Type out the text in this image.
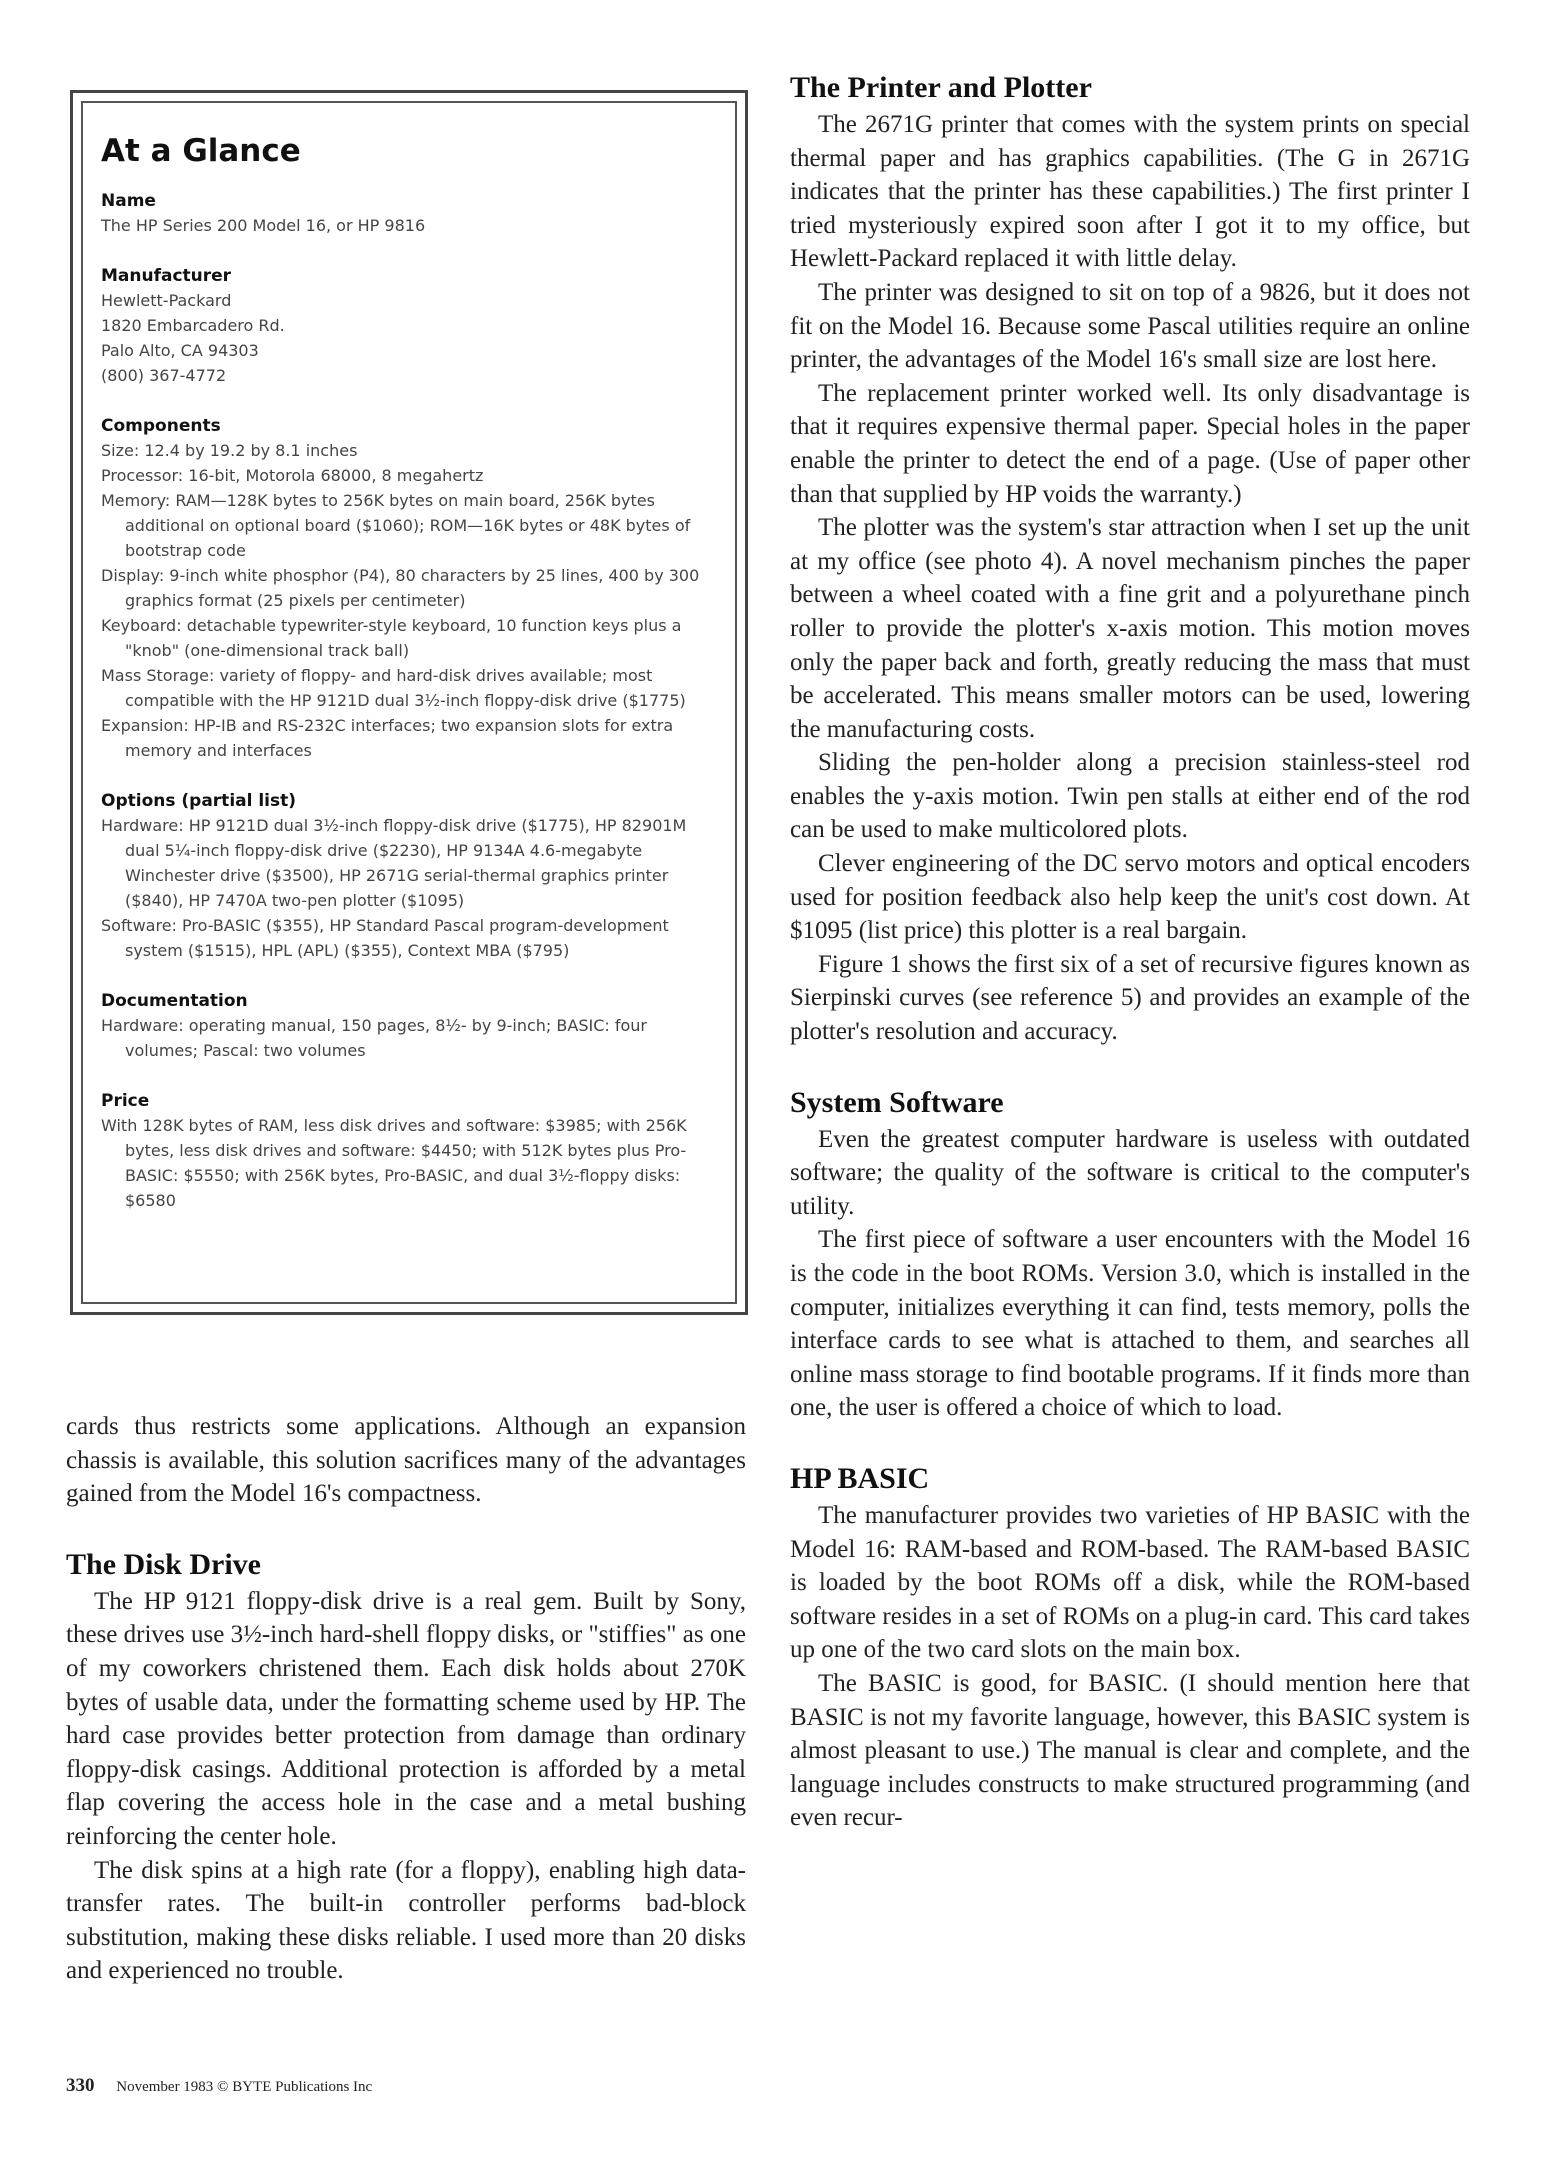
At a Glance
Name
The HP Series 200 Model 16, or HP 9816
Manufacturer
Hewlett-Packard
1820 Embarcadero Rd.
Palo Alto, CA 94303
(800) 367-4772
Components
Size: 12.4 by 19.2 by 8.1 inches
Processor: 16-bit, Motorola 68000, 8 megahertz
Memory: RAM—128K bytes to 256K bytes on main board, 256K bytes additional on optional board ($1060); ROM—16K bytes or 48K bytes of bootstrap code
Display: 9-inch white phosphor (P4), 80 characters by 25 lines, 400 by 300 graphics format (25 pixels per centimeter)
Keyboard: detachable typewriter-style keyboard, 10 function keys plus a "knob" (one-dimensional track ball)
Mass Storage: variety of floppy- and hard-disk drives available; most compatible with the HP 9121D dual 3½-inch floppy-disk drive ($1775)
Expansion: HP-IB and RS-232C interfaces; two expansion slots for extra memory and interfaces
Options (partial list)
Hardware: HP 9121D dual 3½-inch floppy-disk drive ($1775), HP 82901M dual 5¼-inch floppy-disk drive ($2230), HP 9134A 4.6-megabyte Winchester drive ($3500), HP 2671G serial-thermal graphics printer ($840), HP 7470A two-pen plotter ($1095)
Software: Pro-BASIC ($355), HP Standard Pascal program-development system ($1515), HPL (APL) ($355), Context MBA ($795)
Documentation
Hardware: operating manual, 150 pages, 8½- by 9-inch; BASIC: four volumes; Pascal: two volumes
Price
With 128K bytes of RAM, less disk drives and software: $3985; with 256K bytes, less disk drives and software: $4450; with 512K bytes plus Pro-BASIC: $5550; with 256K bytes, Pro-BASIC, and dual 3½-floppy disks: $6580

cards thus restricts some applications. Although an expansion chassis is available, this solution sacrifices many of the advantages gained from the Model 16's compactness.

The Disk Drive

The HP 9121 floppy-disk drive is a real gem. Built by Sony, these drives use 3½-inch hard-shell floppy disks, or "stiffies" as one of my coworkers christened them. Each disk holds about 270K bytes of usable data, under the formatting scheme used by HP. The hard case provides better protection from damage than ordinary floppy-disk casings. Additional protection is afforded by a metal flap covering the access hole in the case and a metal bushing reinforcing the center hole.

The disk spins at a high rate (for a floppy), enabling high data-transfer rates. The built-in controller performs bad-block substitution, making these disks reliable. I used more than 20 disks and experienced no trouble.

The Printer and Plotter

The 2671G printer that comes with the system prints on special thermal paper and has graphics capabilities. (The G in 2671G indicates that the printer has these capabilities.) The first printer I tried mysteriously expired soon after I got it to my office, but Hewlett-Packard replaced it with little delay.

The printer was designed to sit on top of a 9826, but it does not fit on the Model 16. Because some Pascal utilities require an online printer, the advantages of the Model 16's small size are lost here.

The replacement printer worked well. Its only disadvantage is that it requires expensive thermal paper. Special holes in the paper enable the printer to detect the end of a page. (Use of paper other than that supplied by HP voids the warranty.)

The plotter was the system's star attraction when I set up the unit at my office (see photo 4). A novel mechanism pinches the paper between a wheel coated with a fine grit and a polyurethane pinch roller to provide the plotter's x-axis motion. This motion moves only the paper back and forth, greatly reducing the mass that must be accelerated. This means smaller motors can be used, lowering the manufacturing costs.

Sliding the pen-holder along a precision stainless-steel rod enables the y-axis motion. Twin pen stalls at either end of the rod can be used to make multicolored plots.

Clever engineering of the DC servo motors and optical encoders used for position feedback also help keep the unit's cost down. At $1095 (list price) this plotter is a real bargain.

Figure 1 shows the first six of a set of recursive figures known as Sierpinski curves (see reference 5) and provides an example of the plotter's resolution and accuracy.

System Software

Even the greatest computer hardware is useless with outdated software; the quality of the software is critical to the computer's utility.

The first piece of software a user encounters with the Model 16 is the code in the boot ROMs. Version 3.0, which is installed in the computer, initializes everything it can find, tests memory, polls the interface cards to see what is attached to them, and searches all online mass storage to find bootable programs. If it finds more than one, the user is offered a choice of which to load.

HP BASIC

The manufacturer provides two varieties of HP BASIC with the Model 16: RAM-based and ROM-based. The RAM-based BASIC is loaded by the boot ROMs off a disk, while the ROM-based software resides in a set of ROMs on a plug-in card. This card takes up one of the two card slots on the main box.

The BASIC is good, for BASIC. (I should mention here that BASIC is not my favorite language, however, this BASIC system is almost pleasant to use.) The manual is clear and complete, and the language includes constructs to make structured programming (and even recur-

330 November 1983 © BYTE Publications Inc
